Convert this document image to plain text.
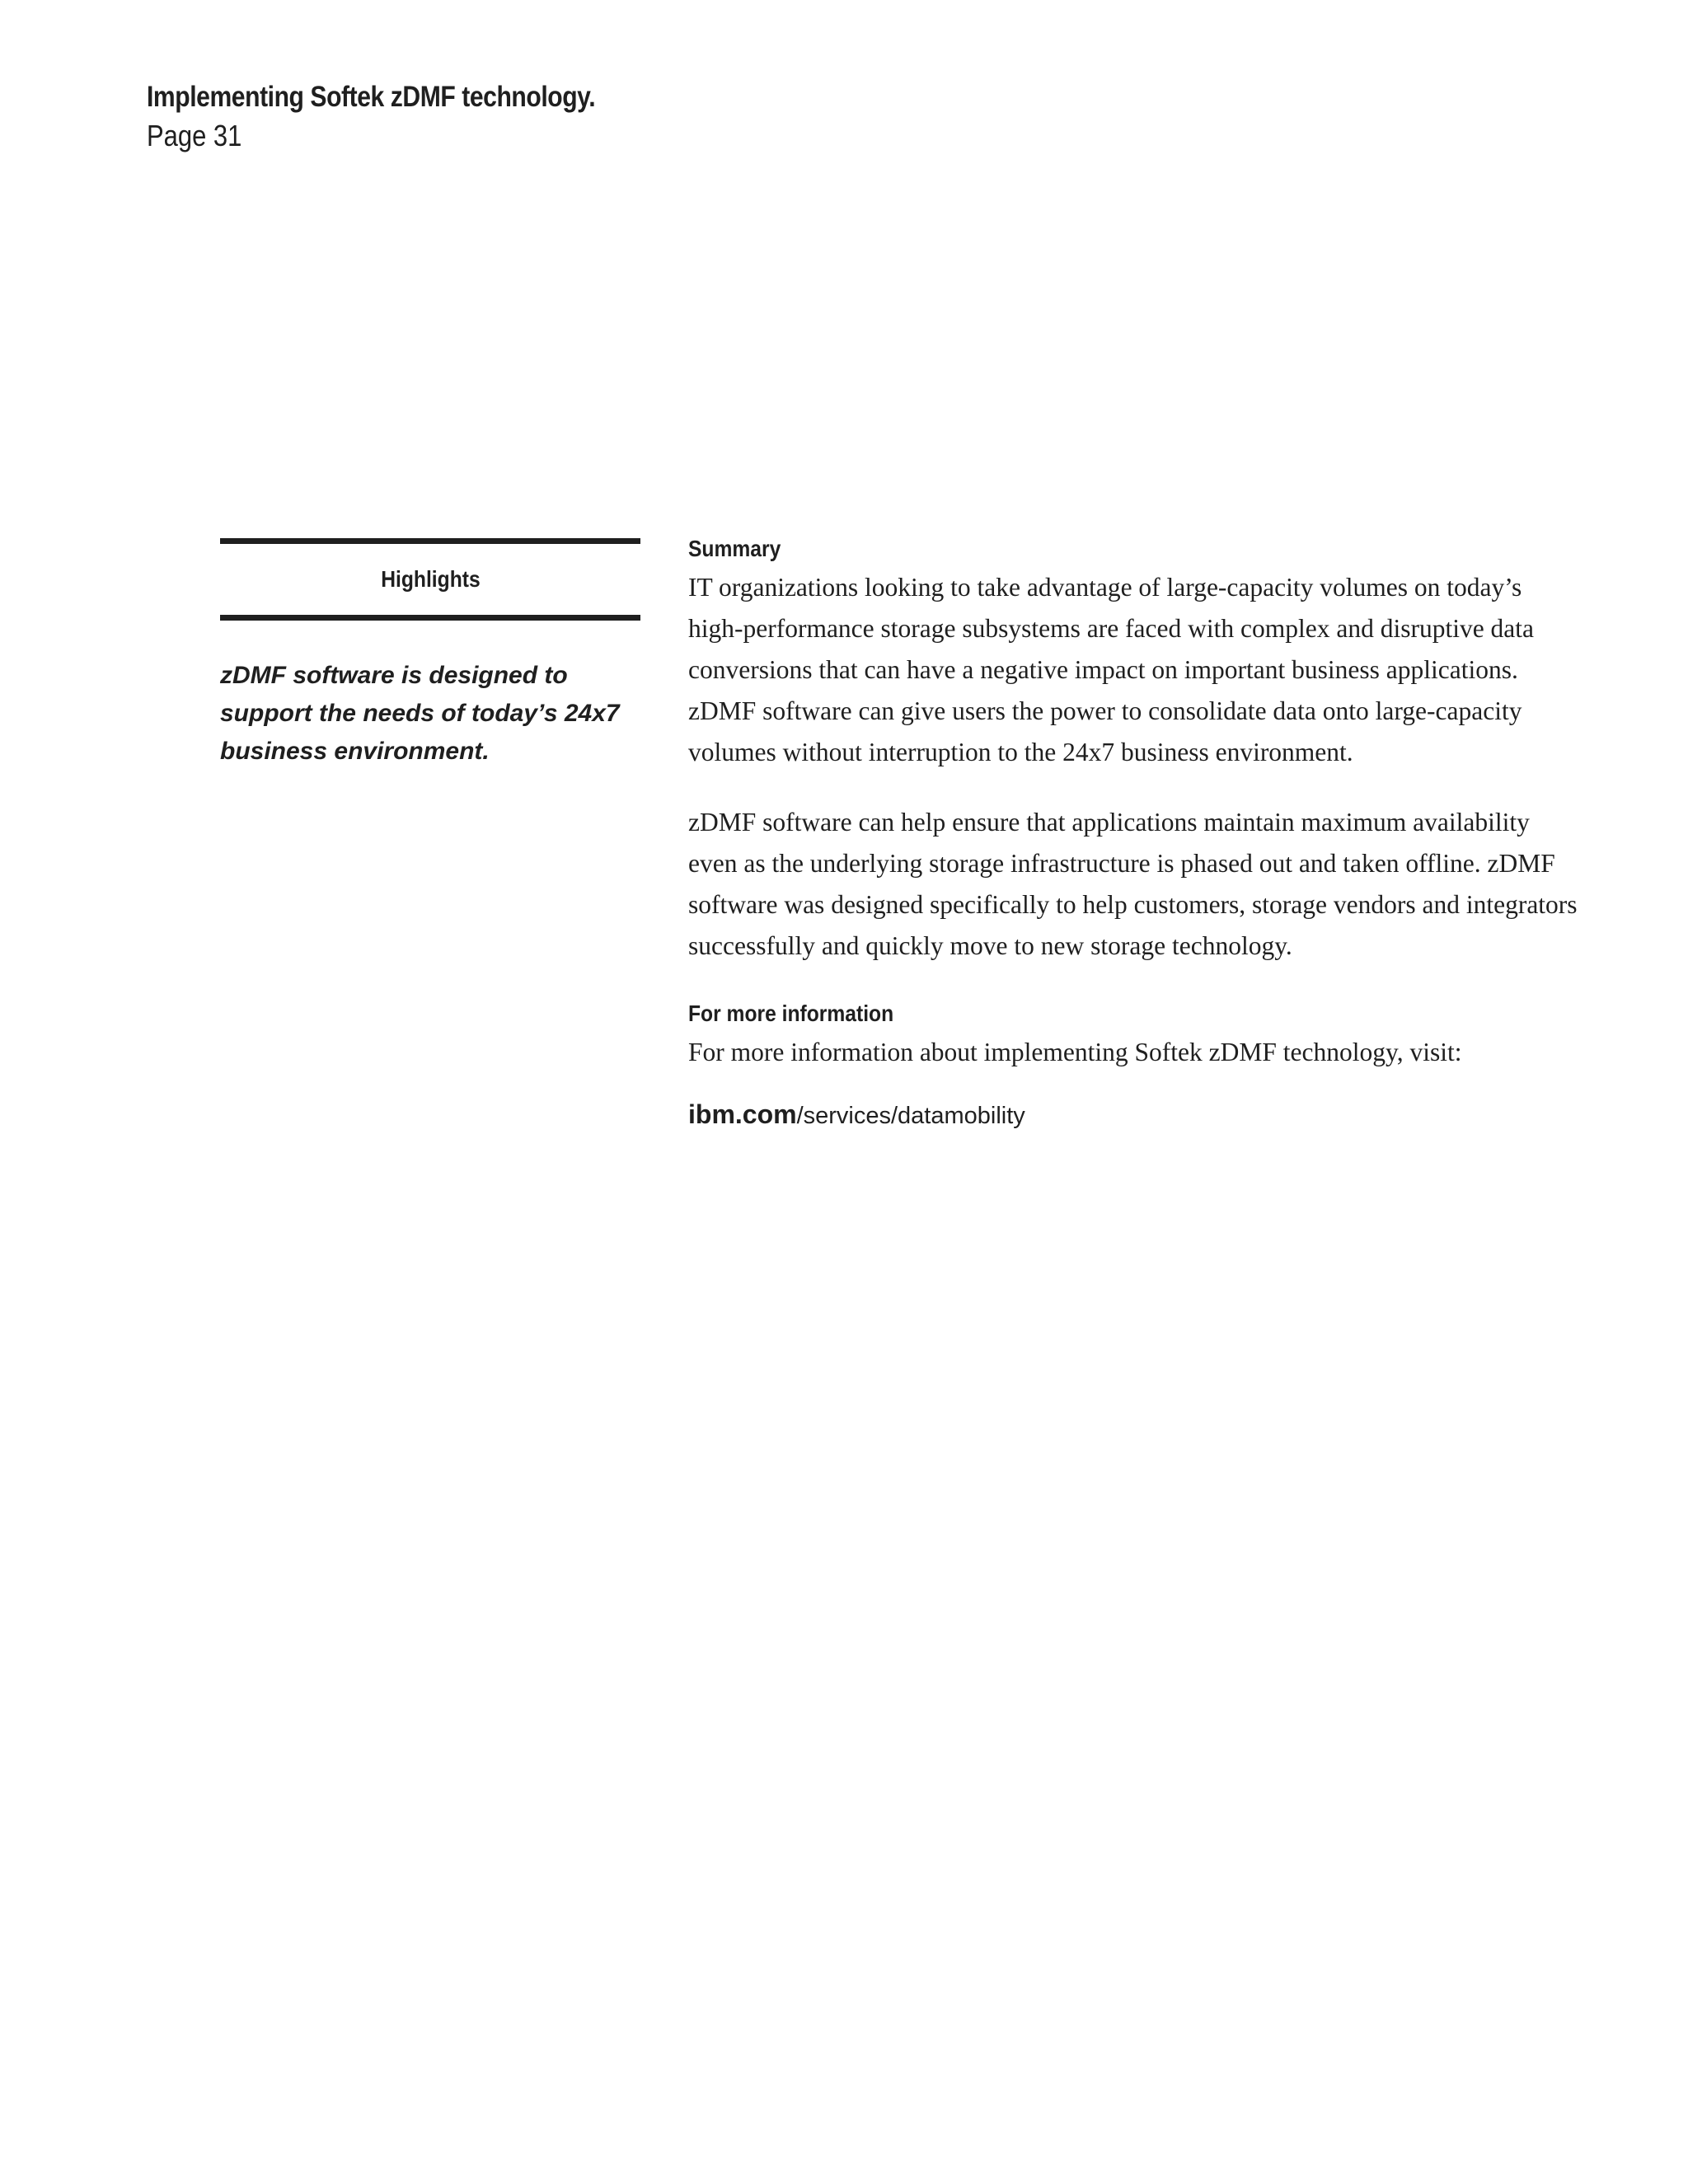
Implementing Softek zDMF technology.
Page 31
Highlights
zDMF software is designed to support the needs of today’s 24x7 business environment.
Summary

IT organizations looking to take advantage of large-capacity volumes on today’s high-performance storage subsystems are faced with complex and disruptive data conversions that can have a negative impact on important business applications. zDMF software can give users the power to consolidate data onto large-capacity volumes without interruption to the 24x7 business environment.

zDMF software can help ensure that applications maintain maximum availability even as the underlying storage infrastructure is phased out and taken offline. zDMF software was designed specifically to help customers, storage vendors and integrators successfully and quickly move to new storage technology.

For more information

For more information about implementing Softek zDMF technology, visit:

ibm.com/services/datamobility
